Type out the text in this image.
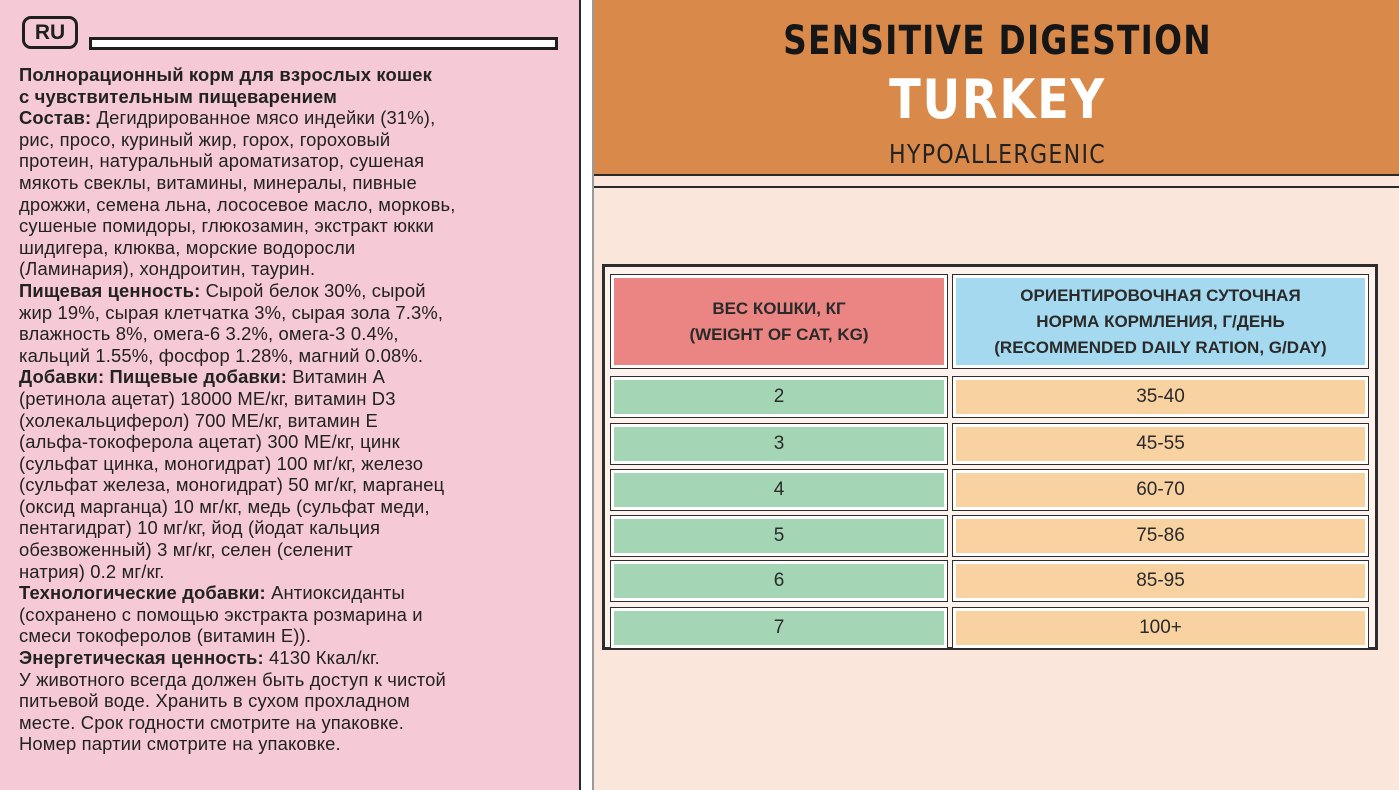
RU

Полнорационный корм для взрослых кошек

с чувствительным пищеварением

Состав: Дегидрированное мясо индейки (31%),

рис, просо, куриный жир, горох, гороховый

протеин, натуральный ароматизатор, сушеная

мякоть свеклы, витамины, минералы, пивные

дрожжи, семена льна, лососевое масло, морковь,

сушеные помидоры, глюкозамин, экстракт юкки

шидигера, клюква, морские водоросли

(Ламинария), хондроитин, таурин.

Пищевая ценность: Сырой белок 30%, сырой

жир 19%, сырая клетчатка 3%, сырая зола 7.3%,

влажность 8%, омега-6 3.2%, омега-3 0.4%,

кальций 1.55%, фосфор 1.28%, магний 0.08%.

Добавки: Пищевые добавки: Витамин A

(ретинола ацетат) 18000 МЕ/кг, витамин D3

(холекальциферол) 700 МЕ/кг, витамин E

(альфа-токоферола ацетат) 300 МЕ/кг, цинк

(сульфат цинка, моногидрат) 100 мг/кг, железо

(сульфат железа, моногидрат) 50 мг/кг, марганец

(оксид марганца) 10 мг/кг, медь (сульфат меди,

пентагидрат) 10 мг/кг, йод (йодат кальция

обезвоженный) 3 мг/кг, селен (селенит

натрия) 0.2 мг/кг.

Технологические добавки: Антиоксиданты

(сохранено с помощью экстракта розмарина и

смеси токоферолов (витамин E)).

Энергетическая ценность: 4130 Ккал/кг.

У животного всегда должен быть доступ к чистой

питьевой воде. Хранить в сухом прохладном

месте. Срок годности смотрите на упаковке.

Номер партии смотрите на упаковке.

SENSITIVE DIGESTION
TURKEY
HYPOALLERGENIC
ВЕС КОШКИ, КГ
(WEIGHT OF CAT, KG)
ОРИЕНТИРОВОЧНАЯ СУТОЧНАЯ
НОРМА КОРМЛЕНИЯ, Г/ДЕНЬ
(RECOMMENDED DAILY RATION, G/DAY)
2	35-40
3	45-55
4	60-70
5	75-86
6	85-95
7	100+
